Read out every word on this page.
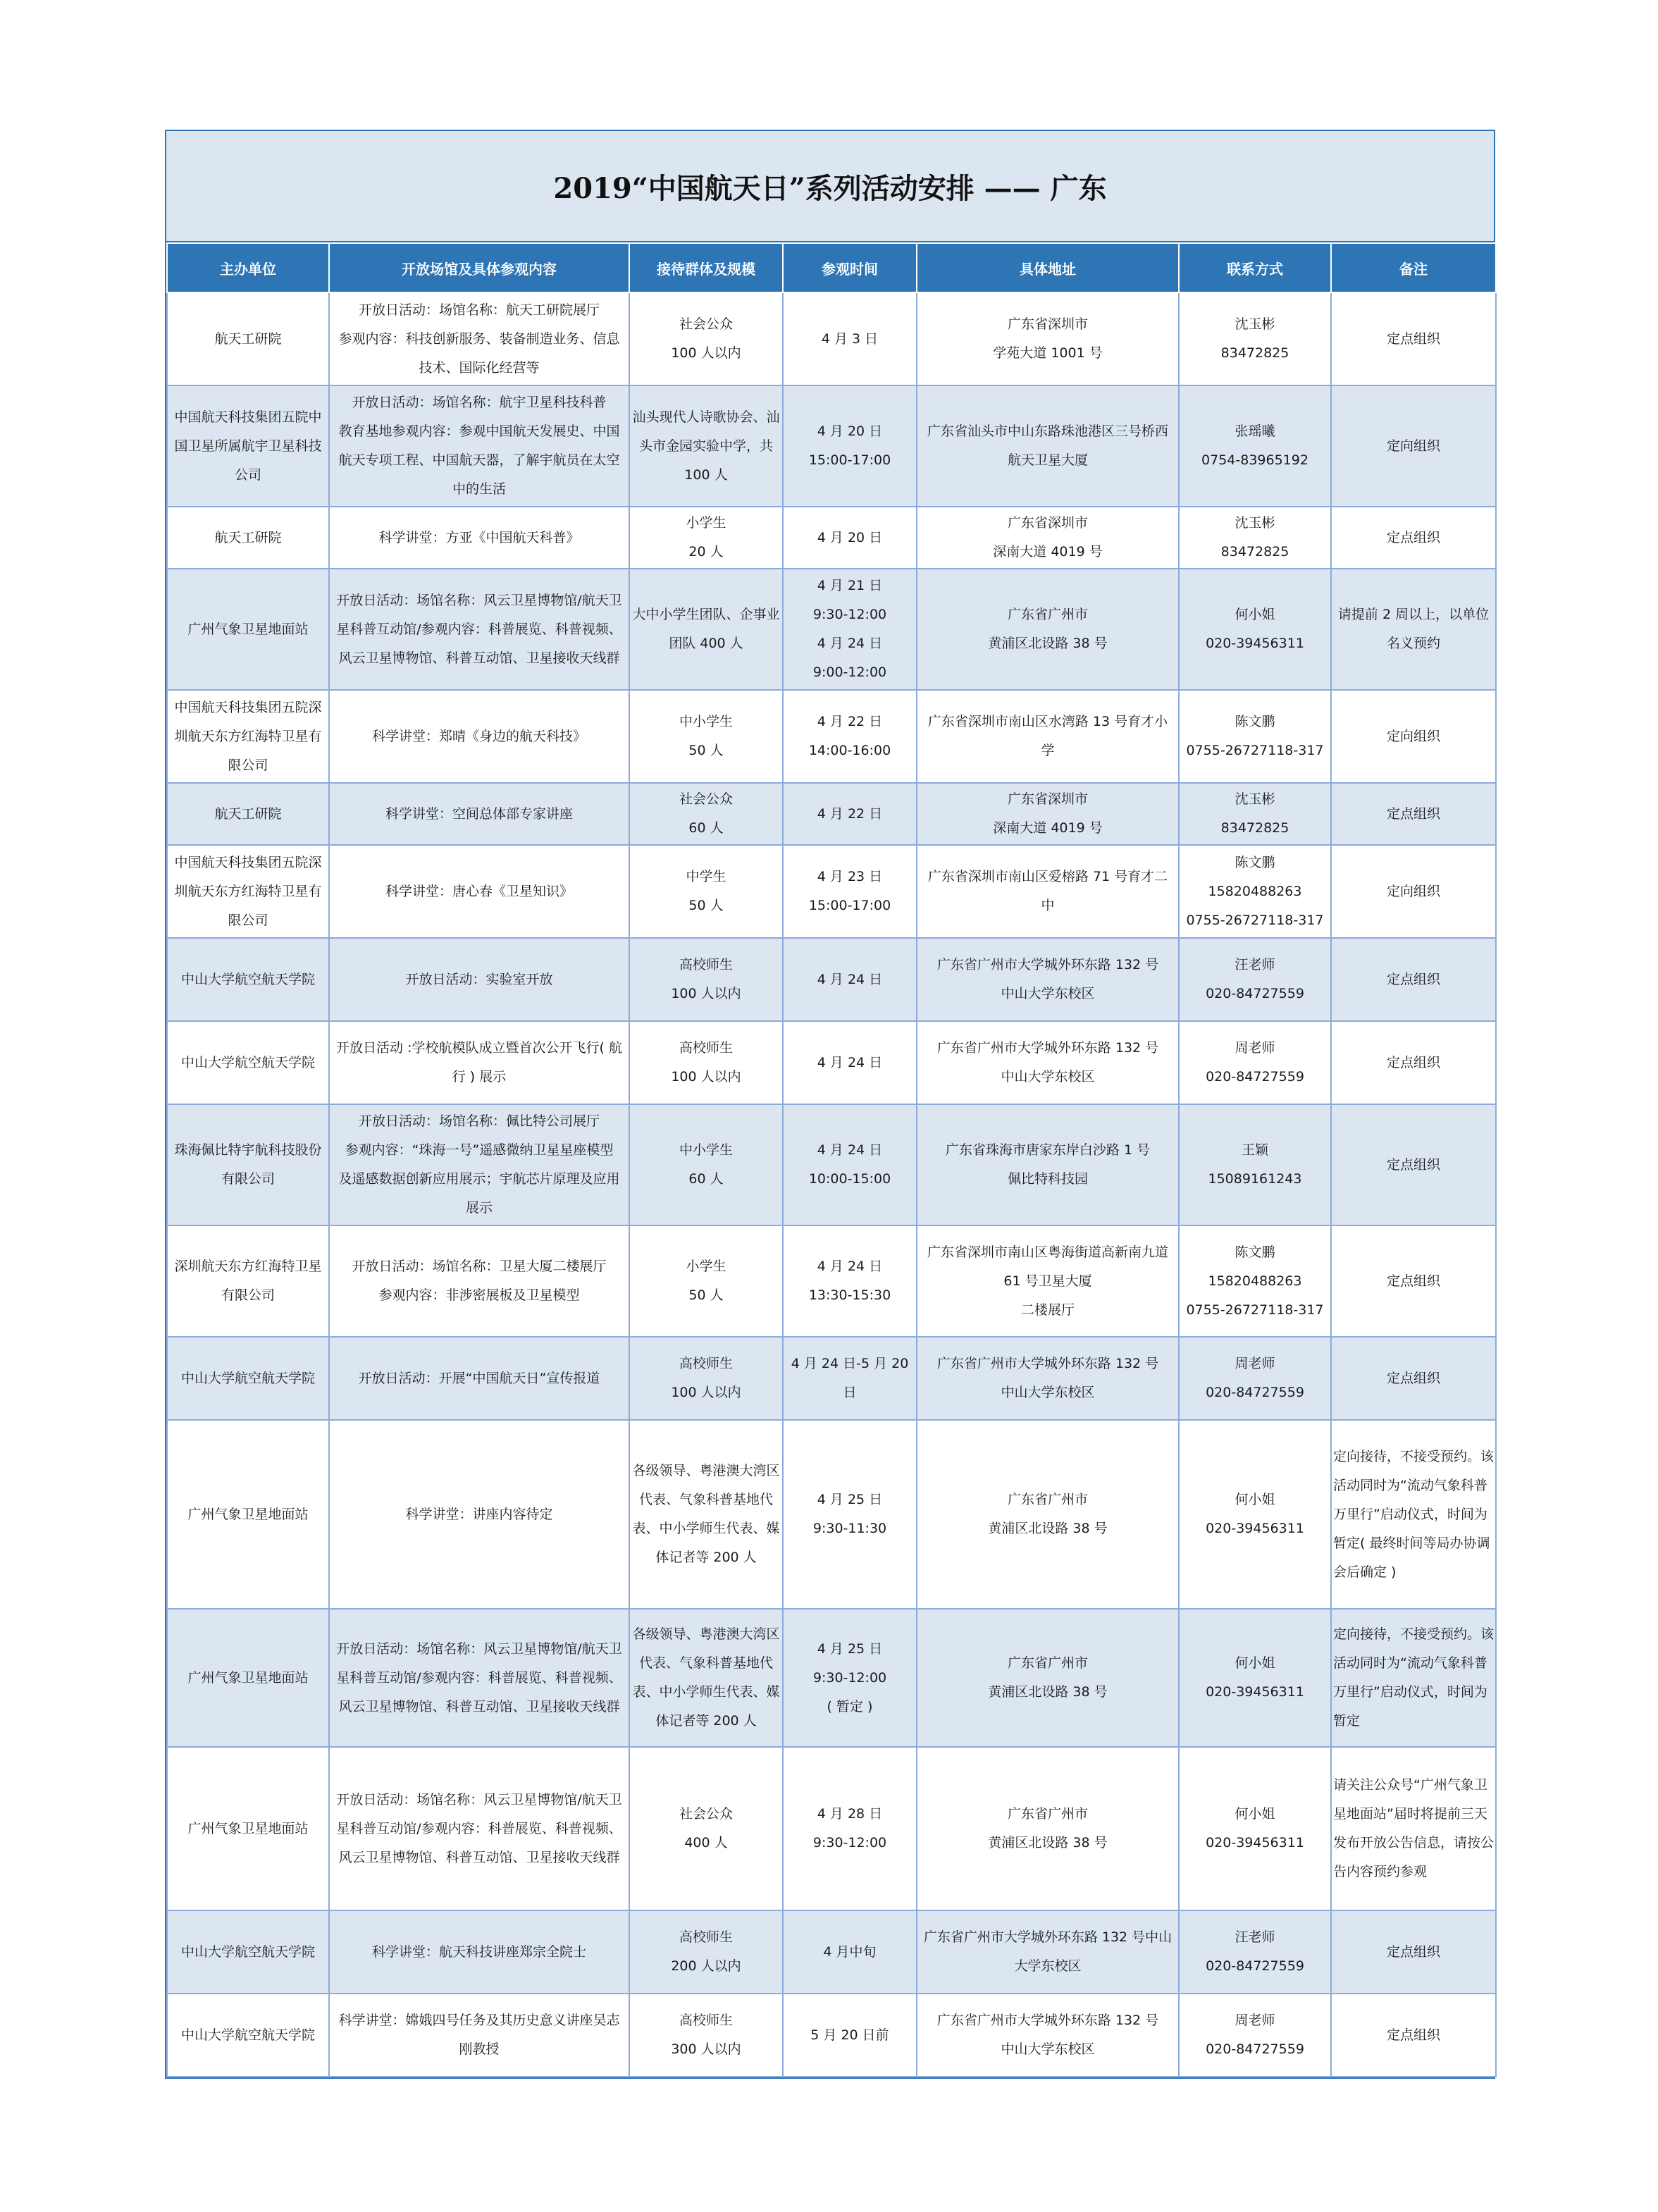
2019“中国航天日”系列活动安排 —— 广东
主办单位	开放场馆及具体参观内容	接待群体及规模	参观时间	具体地址	联系方式	备注

航天工研院	开放日活动：场馆名称：航天工研院展厅
参观内容：科技创新服务、装备制造业务、信息
技术、国际化经营等	社会公众
100 人以内	4 月 3 日	广东省深圳市
学苑大道 1001 号	沈玉彬
83472825	定点组织

中国航天科技集团五院中
国卫星所属航宇卫星科技
公司	开放日活动：场馆名称：航宇卫星科技科普
教育基地参观内容：参观中国航天发展史、中国
航天专项工程、中国航天器，了解宇航员在太空
中的生活	汕头现代人诗歌协会、汕
头市金园实验中学，共
100 人	4 月 20 日
15:00-17:00	广东省汕头市中山东路珠池港区三号桥西
航天卫星大厦	张瑶曦
0754-83965192	定向组织

航天工研院	科学讲堂：方亚《中国航天科普》	小学生
20 人	4 月 20 日	广东省深圳市
深南大道 4019 号	沈玉彬
83472825	定点组织

广州气象卫星地面站	开放日活动：场馆名称：风云卫星博物馆/航天卫
星科普互动馆/参观内容：科普展览、科普视频、
风云卫星博物馆、科普互动馆、卫星接收天线群	大中小学生团队、企事业
团队 400 人	4 月 21 日
9:30-12:00
4 月 24 日
9:00-12:00	广东省广州市
黄浦区北设路 38 号	何小姐
020-39456311	请提前 2 周以上，以单位
名义预约

中国航天科技集团五院深
圳航天东方红海特卫星有
限公司	科学讲堂：郑晴《身边的航天科技》	中小学生
50 人	4 月 22 日
14:00-16:00	广东省深圳市南山区水湾路 13 号育才小
学	陈文鹏
0755-26727118-317	定向组织

航天工研院	科学讲堂：空间总体部专家讲座	社会公众
60 人	4 月 22 日	广东省深圳市
深南大道 4019 号	沈玉彬
83472825	定点组织

中国航天科技集团五院深
圳航天东方红海特卫星有
限公司	科学讲堂：唐心春《卫星知识》	中学生
50 人	4 月 23 日
15:00-17:00	广东省深圳市南山区爱榕路 71 号育才二
中	陈文鹏
15820488263
0755-26727118-317	定向组织

中山大学航空航天学院	开放日活动：实验室开放	高校师生
100 人以内	4 月 24 日	广东省广州市大学城外环东路 132 号
中山大学东校区	汪老师
020-84727559	定点组织

中山大学航空航天学院	开放日活动 :学校航模队成立暨首次公开飞行( 航
行 ) 展示	高校师生
100 人以内	4 月 24 日	广东省广州市大学城外环东路 132 号
中山大学东校区	周老师
020-84727559	定点组织

珠海佩比特宇航科技股份
有限公司	开放日活动：场馆名称：佩比特公司展厅
参观内容：“珠海一号”遥感微纳卫星星座模型
及遥感数据创新应用展示；宇航芯片原理及应用
展示	中小学生
60 人	4 月 24 日
10:00-15:00	广东省珠海市唐家东岸白沙路 1 号
佩比特科技园	王颖
15089161243	定点组织

深圳航天东方红海特卫星
有限公司	开放日活动：场馆名称：卫星大厦二楼展厅
参观内容：非涉密展板及卫星模型	小学生
50 人	4 月 24 日
13:30-15:30	广东省深圳市南山区粤海街道高新南九道
61 号卫星大厦
二楼展厅	陈文鹏
15820488263
0755-26727118-317	定点组织

中山大学航空航天学院	开放日活动：开展“中国航天日”宣传报道	高校师生
100 人以内	4 月 24 日-5 月 20 日	广东省广州市大学城外环东路 132 号
中山大学东校区	周老师
020-84727559	定点组织

广州气象卫星地面站	科学讲堂：讲座内容待定	各级领导、粤港澳大湾区
代表、气象科普基地代
表、中小学师生代表、媒
体记者等 200 人	4 月 25 日
9:30-11:30	广东省广州市
黄浦区北设路 38 号	何小姐
020-39456311	定向接待，不接受预约。该
活动同时为“流动气象科普
万里行”启动仪式，时间为
暂定( 最终时间等局办协调
会后确定 )

广州气象卫星地面站	开放日活动：场馆名称：风云卫星博物馆/航天卫
星科普互动馆/参观内容：科普展览、科普视频、
风云卫星博物馆、科普互动馆、卫星接收天线群	各级领导、粤港澳大湾区
代表、气象科普基地代
表、中小学师生代表、媒
体记者等 200 人	4 月 25 日
9:30-12:00
( 暂定 )	广东省广州市
黄浦区北设路 38 号	何小姐
020-39456311	定向接待，不接受预约。该
活动同时为“流动气象科普
万里行”启动仪式，时间为
暂定

广州气象卫星地面站	开放日活动：场馆名称：风云卫星博物馆/航天卫
星科普互动馆/参观内容：科普展览、科普视频、
风云卫星博物馆、科普互动馆、卫星接收天线群	社会公众
400 人	4 月 28 日
9:30-12:00	广东省广州市
黄浦区北设路 38 号	何小姐
020-39456311	请关注公众号“广州气象卫
星地面站”届时将提前三天
发布开放公告信息，请按公
告内容预约参观

中山大学航空航天学院	科学讲堂：航天科技讲座郑宗全院士	高校师生
200 人以内	4 月中旬	广东省广州市大学城外环东路 132 号中山
大学东校区	汪老师
020-84727559	定点组织

中山大学航空航天学院	科学讲堂：嫦娥四号任务及其历史意义讲座吴志
刚教授	高校师生
300 人以内	5 月 20 日前	广东省广州市大学城外环东路 132 号
中山大学东校区	周老师
020-84727559	定点组织
